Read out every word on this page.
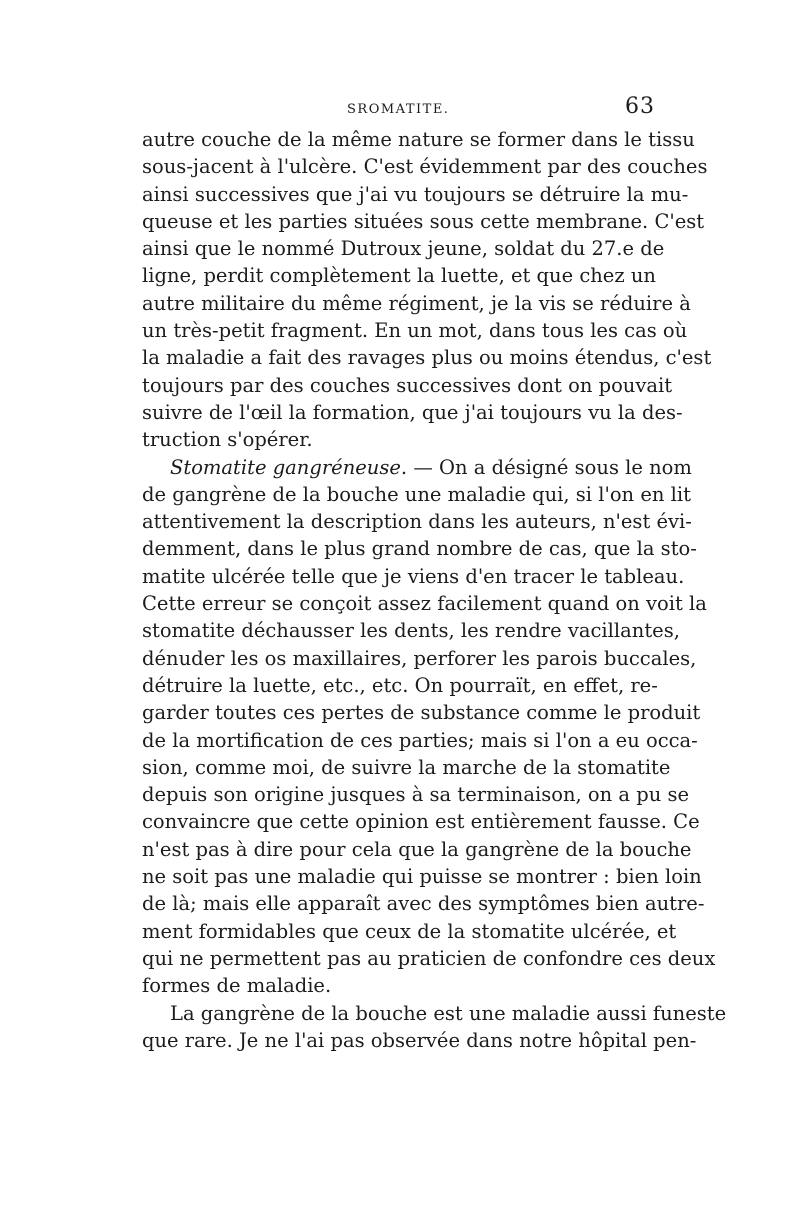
SROMATITE.	63
autre couche de la même nature se former dans le tissu
sous-jacent à l'ulcère. C'est évidemment par des couches
ainsi successives que j'ai vu toujours se détruire la mu-
queuse et les parties situées sous cette membrane. C'est
ainsi que le nommé Dutroux jeune, soldat du 27.e de
ligne, perdit complètement la luette, et que chez un
autre militaire du même régiment, je la vis se réduire à
un très-petit fragment. En un mot, dans tous les cas où
la maladie a fait des ravages plus ou moins étendus, c'est
toujours par des couches successives dont on pouvait
suivre de l'œil la formation, que j'ai toujours vu la des-
truction s'opérer.
Stomatite gangréneuse. — On a désigné sous le nom
de gangrène de la bouche une maladie qui, si l'on en lit
attentivement la description dans les auteurs, n'est évi-
demment, dans le plus grand nombre de cas, que la sto-
matite ulcérée telle que je viens d'en tracer le tableau.
Cette erreur se conçoit assez facilement quand on voit la
stomatite déchausser les dents, les rendre vacillantes,
dénuder les os maxillaires, perforer les parois buccales,
détruire la luette, etc., etc. On pourraït, en effet, re-
garder toutes ces pertes de substance comme le produit
de la mortification de ces parties; mais si l'on a eu occa-
sion, comme moi, de suivre la marche de la stomatite
depuis son origine jusques à sa terminaison, on a pu se
convaincre que cette opinion est entièrement fausse. Ce
n'est pas à dire pour cela que la gangrène de la bouche
ne soit pas une maladie qui puisse se montrer : bien loin
de là; mais elle apparaît avec des symptômes bien autre-
ment formidables que ceux de la stomatite ulcérée, et
qui ne permettent pas au praticien de confondre ces deux
formes de maladie.
La gangrène de la bouche est une maladie aussi funeste
que rare. Je ne l'ai pas observée dans notre hôpital pen-
